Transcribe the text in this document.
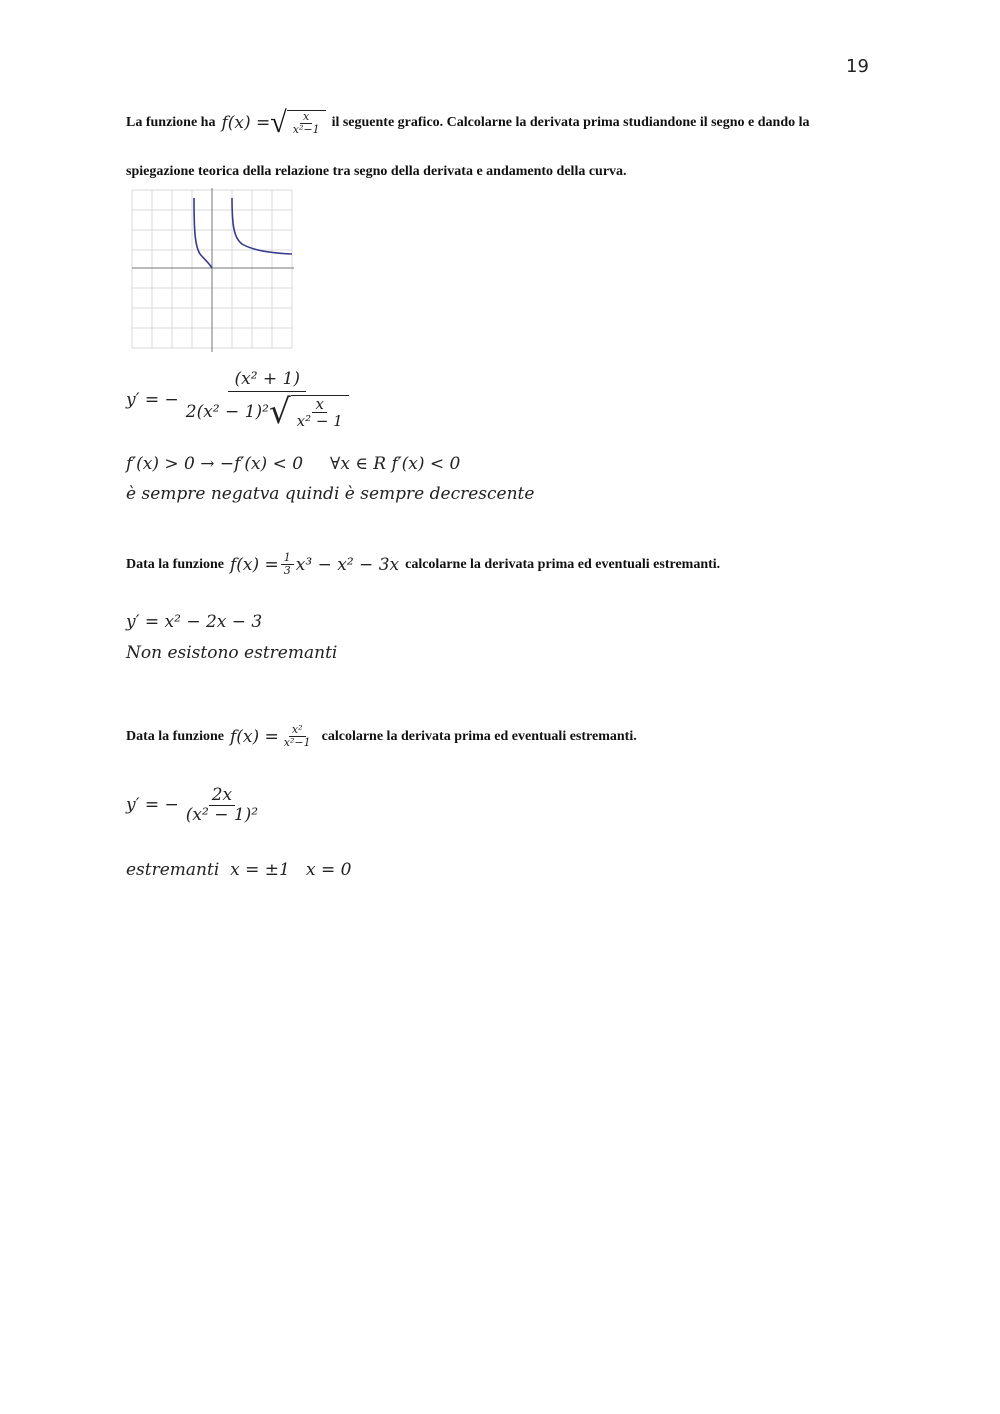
19
La funzione ha f(x) = √ $\frac{x}{\text{x²−1}}$ il seguente grafico. Calcolarne la derivata prima studiandone il segno e dando la
spiegazione teorica della relazione tra segno della derivata e andamento della curva.
y′ = −
(x² + 1)
2(x² − 1)² √ $\frac{x}{\text{x² − 1}}$
f′(x) > 0 → −f′(x) < 0     ∀x ∈ R f′(x) < 0
è sempre negatva quindi è sempre decrescente
Data la funzione $f(x) = \frac{1}{3} x^3 - x^2 - 3x$ calcolarne la derivata prima ed eventuali estremanti.
y′ = x² − 2x − 3
Non esistono estremanti
Data la funzione $f(x) = \frac{\text{x²}}{\text{x²−1}}$ calcolarne la derivata prima ed eventuali estremanti.
y′ = − $\frac{2x}{\text{(x² − 1)²}}$
estremanti  x = ±1   x = 0
